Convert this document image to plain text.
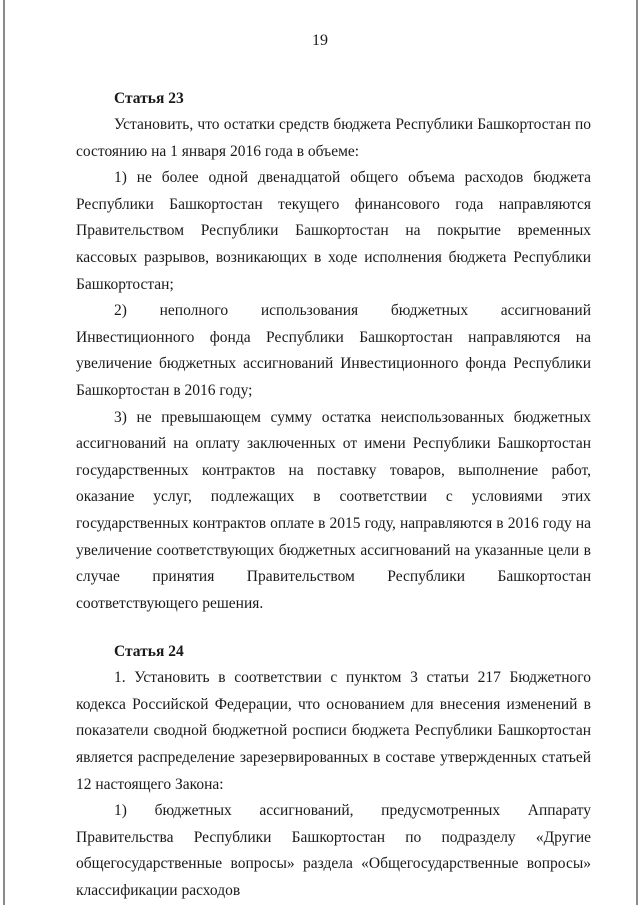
19
Статья 23

Установить, что остатки средств бюджета Республики Башкортостан по состоянию на 1 января 2016 года в объеме:

1) не более одной двенадцатой общего объема расходов бюджета Республики Башкортостан текущего финансового года направляются Правительством Республики Башкортостан на покрытие временных кассовых разрывов, возникающих в ходе исполнения бюджета Республики Башкортостан;

2) неполного использования бюджетных ассигнований Инвестиционного фонда Республики Башкортостан направляются на увеличение бюджетных ассигнований Инвестиционного фонда Республики Башкортостан в 2016 году;

3) не превышающем сумму остатка неиспользованных бюджетных ассигнований на оплату заключенных от имени Республики Башкортостан государственных контрактов на поставку товаров, выполнение работ, оказание услуг, подлежащих в соответствии с условиями этих государственных контрактов оплате в 2015 году, направляются в 2016 году на увеличение соответствующих бюджетных ассигнований на указанные цели в случае принятия Правительством Республики Башкортостан соответствующего решения.

Статья 24

1. Установить в соответствии с пунктом 3 статьи 217 Бюджетного кодекса Российской Федерации, что основанием для внесения изменений в показатели сводной бюджетной росписи бюджета Республики Башкортостан является распределение зарезервированных в составе утвержденных статьей 12 настоящего Закона:

1) бюджетных ассигнований, предусмотренных Аппарату Правительства Республики Башкортостан по подразделу «Другие общегосударственные вопросы» раздела «Общегосударственные вопросы» классификации расходов
